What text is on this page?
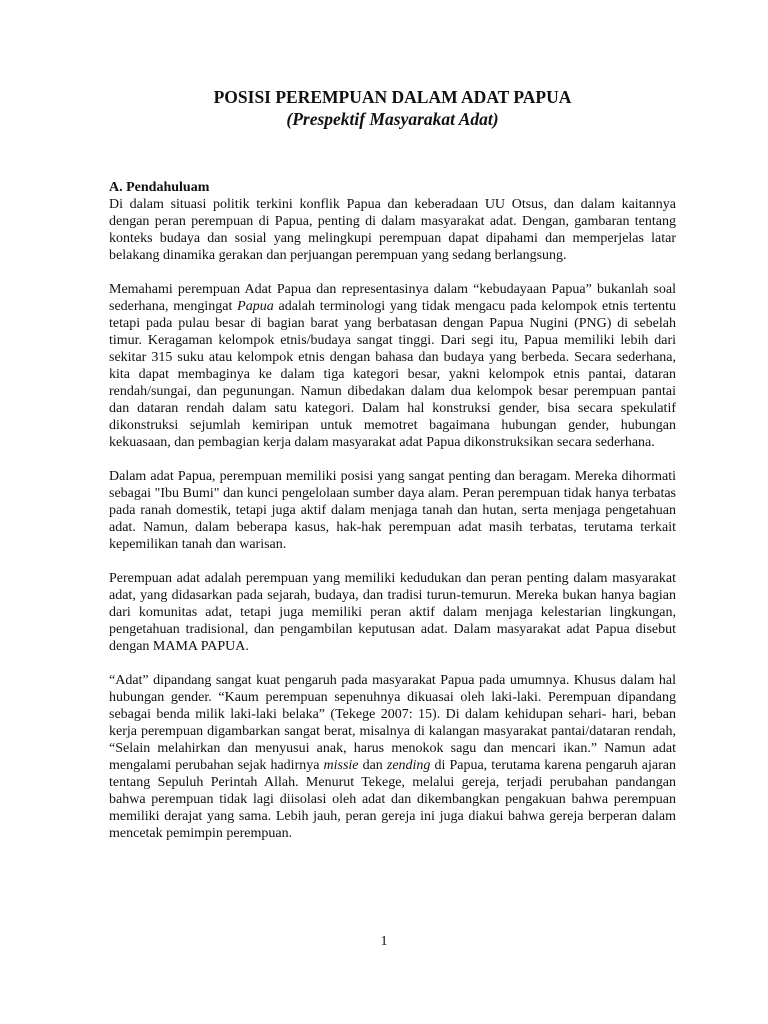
POSISI PEREMPUAN DALAM ADAT PAPUA
(Prespektif Masyarakat Adat)
A. Pendahuluam

Di dalam situasi politik terkini konflik Papua dan keberadaan UU Otsus, dan dalam kaitannya dengan peran perempuan di Papua, penting di dalam masyarakat adat. Dengan, gambaran tentang konteks budaya dan sosial yang melingkupi perempuan dapat dipahami dan memperjelas latar belakang dinamika gerakan dan perjuangan perempuan yang sedang berlangsung.

Memahami perempuan Adat Papua dan representasinya dalam “kebudayaan Papua” bukanlah soal sederhana, mengingat Papua adalah terminologi yang tidak mengacu pada kelompok etnis tertentu tetapi pada pulau besar di bagian barat yang berbatasan dengan Papua Nugini (PNG) di sebelah timur. Keragaman kelompok etnis/budaya sangat tinggi. Dari segi itu, Papua memiliki lebih dari sekitar 315 suku atau kelompok etnis dengan bahasa dan budaya yang berbeda. Secara sederhana, kita dapat membaginya ke dalam tiga kategori besar, yakni kelompok etnis pantai, dataran rendah/sungai, dan pegunungan. Namun dibedakan dalam dua kelompok besar perempuan pantai dan dataran rendah dalam satu kategori. Dalam hal konstruksi gender, bisa secara spekulatif dikonstruksi sejumlah kemiripan untuk memotret bagaimana hubungan gender, hubungan kekuasaan, dan pembagian kerja dalam masyarakat adat Papua dikonstruksikan secara sederhana.

Dalam adat Papua, perempuan memiliki posisi yang sangat penting dan beragam. Mereka dihormati sebagai "Ibu Bumi" dan kunci pengelolaan sumber daya alam. Peran perempuan tidak hanya terbatas pada ranah domestik, tetapi juga aktif dalam menjaga tanah dan hutan, serta menjaga pengetahuan adat. Namun, dalam beberapa kasus, hak-hak perempuan adat masih terbatas, terutama terkait kepemilikan tanah dan warisan.

Perempuan adat adalah perempuan yang memiliki kedudukan dan peran penting dalam masyarakat adat, yang didasarkan pada sejarah, budaya, dan tradisi turun-temurun. Mereka bukan hanya bagian dari komunitas adat, tetapi juga memiliki peran aktif dalam menjaga kelestarian lingkungan, pengetahuan tradisional, dan pengambilan keputusan adat. Dalam masyarakat adat Papua disebut dengan MAMA PAPUA.

“Adat” dipandang sangat kuat pengaruh pada masyarakat Papua pada umumnya. Khusus dalam hal hubungan gender. “Kaum perempuan sepenuhnya dikuasai oleh laki-laki. Perempuan dipandang sebagai benda milik laki-laki belaka” (Tekege 2007: 15). Di dalam kehidupan sehari- hari, beban kerja perempuan digambarkan sangat berat, misalnya di kalangan masyarakat pantai/dataran rendah, “Selain melahirkan dan menyusui anak, harus menokok sagu dan mencari ikan.” Namun adat mengalami perubahan sejak hadirnya missie dan zending di Papua, terutama karena pengaruh ajaran tentang Sepuluh Perintah Allah. Menurut Tekege, melalui gereja, terjadi perubahan pandangan bahwa perempuan tidak lagi diisolasi oleh adat dan dikembangkan pengakuan bahwa perempuan memiliki derajat yang sama. Lebih jauh, peran gereja ini juga diakui bahwa gereja berperan dalam mencetak pemimpin perempuan.

1
